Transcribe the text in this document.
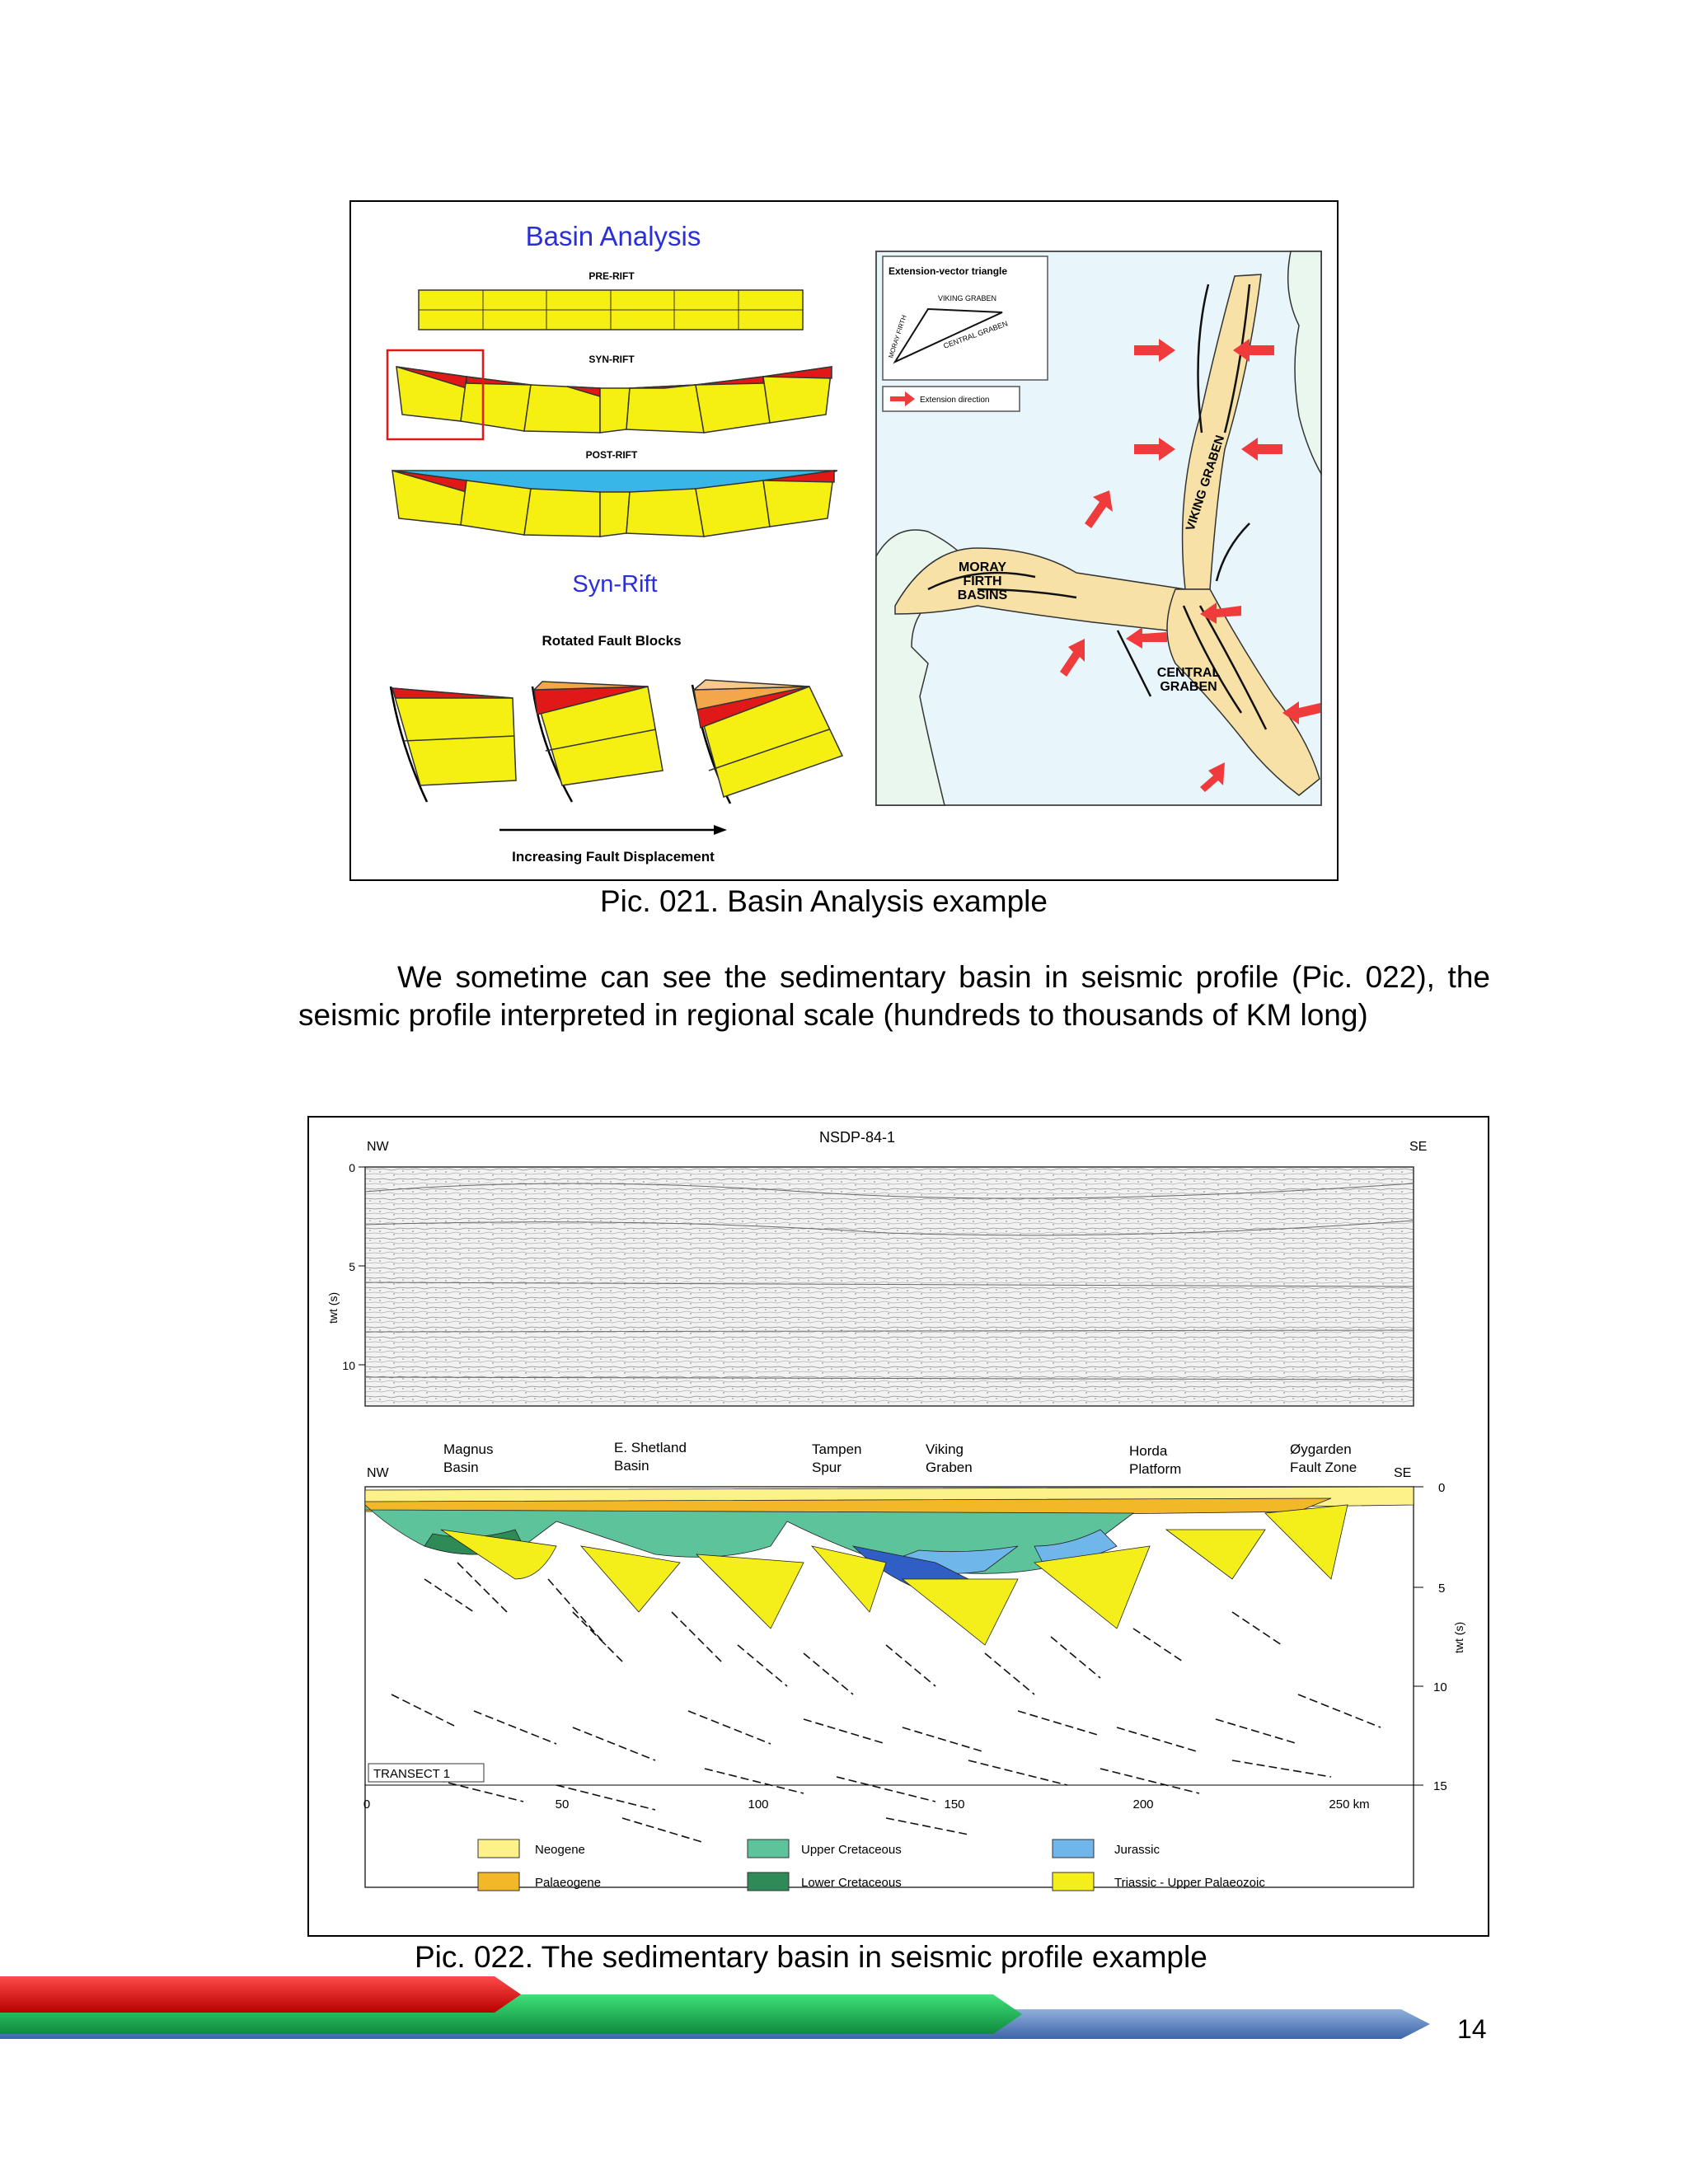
Basin Analysis
PRE-RIFT
SYN-RIFT
POST-RIFT
Syn-Rift
Rotated Fault Blocks
Increasing Fault Displacement
Extension-vector triangle
VIKING GRABEN
CENTRAL GRABEN
MORAY FIRTH
Extension direction
VIKING GRABEN
MORAY
FIRTH
BASINS
CENTRAL
GRABEN
Pic. 021. Basin Analysis example
We sometime can see the sedimentary basin in seismic profile (Pic. 022), the seismic profile interpreted in regional scale (hundreds to thousands of KM long)
NW
NSDP-84-1
SE
0
5
10
twt (s)
Magnus
Basin
E. Shetland
Basin
Tampen
Spur
Viking
Graben
Horda
Platform
Øygarden
Fault Zone
NW	SE
0
5
10
15
twt (s)
TRANSECT 1
0	50	100	150	200	250 km
Neogene
Palaeogene
Upper Cretaceous
Lower Cretaceous
Jurassic
Triassic - Upper Palaeozoic
Pic. 022. The sedimentary basin in seismic profile example
14
